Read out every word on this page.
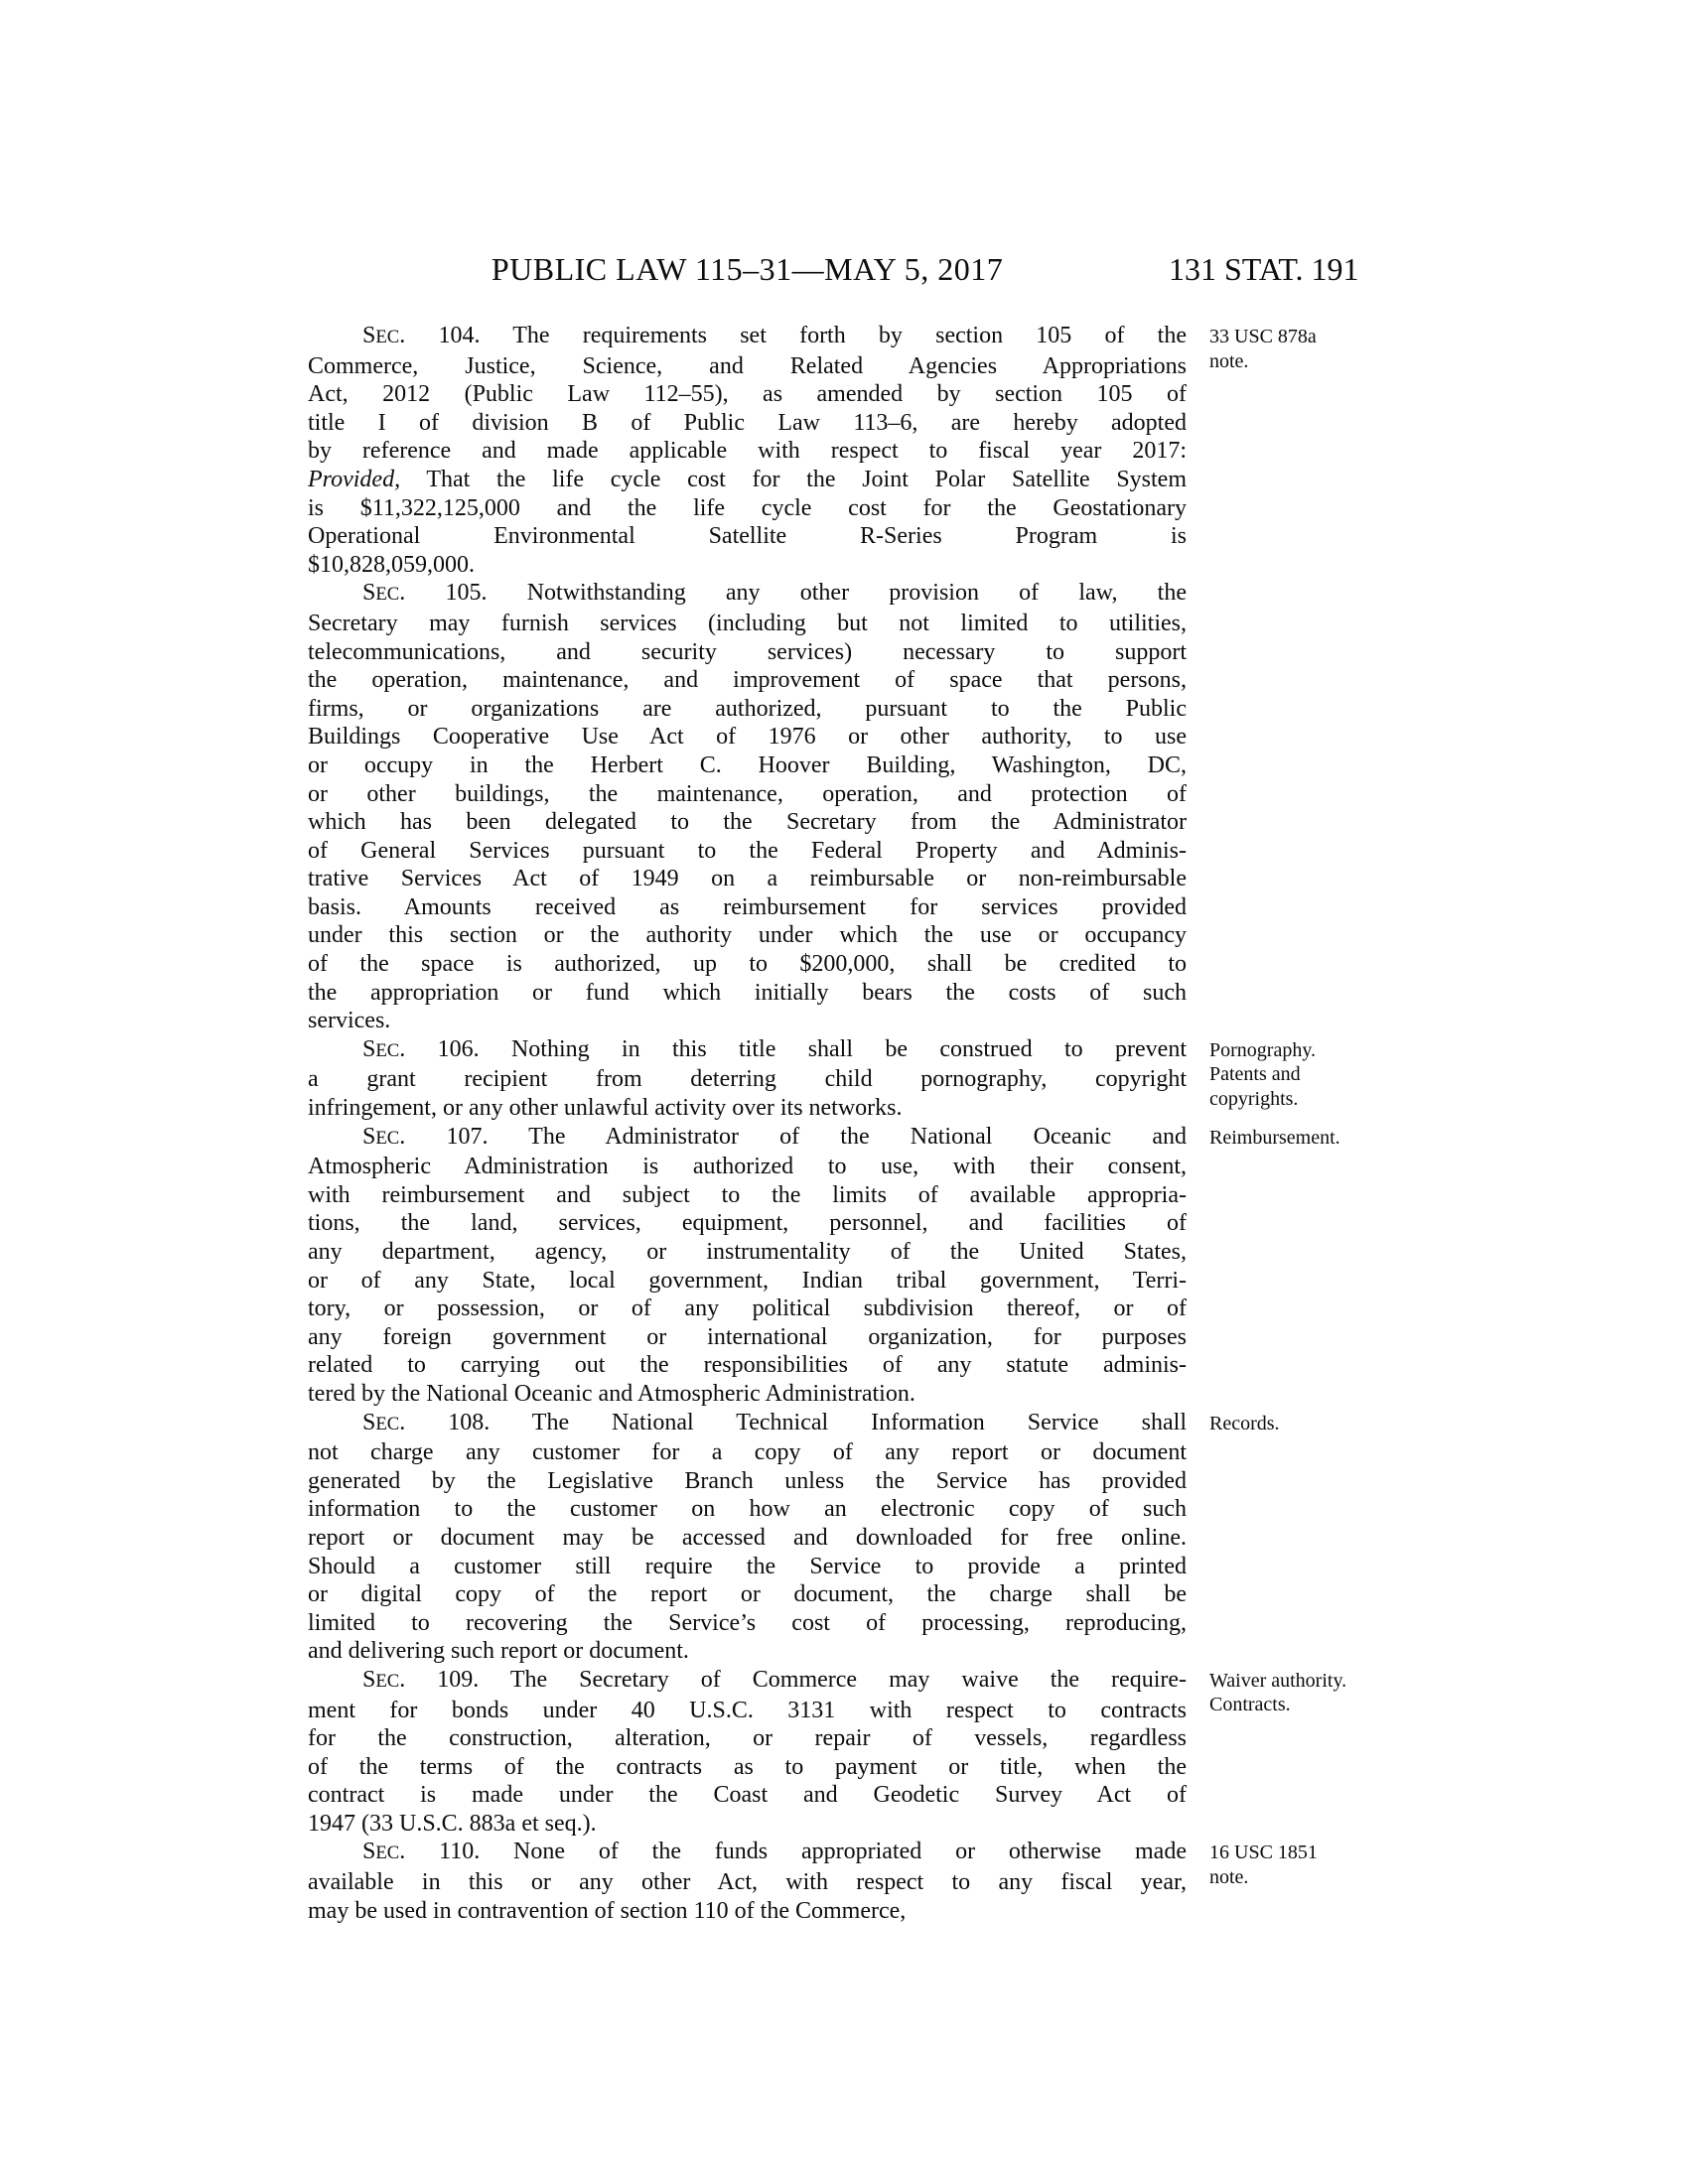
PUBLIC LAW 115–31—MAY 5, 2017	131 STAT. 191
SEC. 104. The requirements set forth by section 105 of the
Commerce, Justice, Science, and Related Agencies Appropriations
Act, 2012 (Public Law 112–55), as amended by section 105 of
title I of division B of Public Law 113–6, are hereby adopted
by reference and made applicable with respect to fiscal year 2017:
Provided, That the life cycle cost for the Joint Polar Satellite System
is $11,322,125,000 and the life cycle cost for the Geostationary
Operational Environmental Satellite R-Series Program is
$10,828,059,000.
33 USC 878a
note.
SEC. 105. Notwithstanding any other provision of law, the
Secretary may furnish services (including but not limited to utilities,
telecommunications, and security services) necessary to support
the operation, maintenance, and improvement of space that persons,
firms, or organizations are authorized, pursuant to the Public
Buildings Cooperative Use Act of 1976 or other authority, to use
or occupy in the Herbert C. Hoover Building, Washington, DC,
or other buildings, the maintenance, operation, and protection of
which has been delegated to the Secretary from the Administrator
of General Services pursuant to the Federal Property and Adminis-
trative Services Act of 1949 on a reimbursable or non-reimbursable
basis. Amounts received as reimbursement for services provided
under this section or the authority under which the use or occupancy
of the space is authorized, up to $200,000, shall be credited to
the appropriation or fund which initially bears the costs of such
services.
SEC. 106. Nothing in this title shall be construed to prevent
a grant recipient from deterring child pornography, copyright
infringement, or any other unlawful activity over its networks.
Pornography.
Patents and
copyrights.
SEC. 107. The Administrator of the National Oceanic and
Atmospheric Administration is authorized to use, with their consent,
with reimbursement and subject to the limits of available appropria-
tions, the land, services, equipment, personnel, and facilities of
any department, agency, or instrumentality of the United States,
or of any State, local government, Indian tribal government, Terri-
tory, or possession, or of any political subdivision thereof, or of
any foreign government or international organization, for purposes
related to carrying out the responsibilities of any statute adminis-
tered by the National Oceanic and Atmospheric Administration.
Reimbursement.
SEC. 108. The National Technical Information Service shall
not charge any customer for a copy of any report or document
generated by the Legislative Branch unless the Service has provided
information to the customer on how an electronic copy of such
report or document may be accessed and downloaded for free online.
Should a customer still require the Service to provide a printed
or digital copy of the report or document, the charge shall be
limited to recovering the Service’s cost of processing, reproducing,
and delivering such report or document.
Records.
SEC. 109. The Secretary of Commerce may waive the require-
ment for bonds under 40 U.S.C. 3131 with respect to contracts
for the construction, alteration, or repair of vessels, regardless
of the terms of the contracts as to payment or title, when the
contract is made under the Coast and Geodetic Survey Act of
1947 (33 U.S.C. 883a et seq.).
Waiver authority.
Contracts.
SEC. 110. None of the funds appropriated or otherwise made
available in this or any other Act, with respect to any fiscal year,
may be used in contravention of section 110 of the Commerce,
16 USC 1851
note.
